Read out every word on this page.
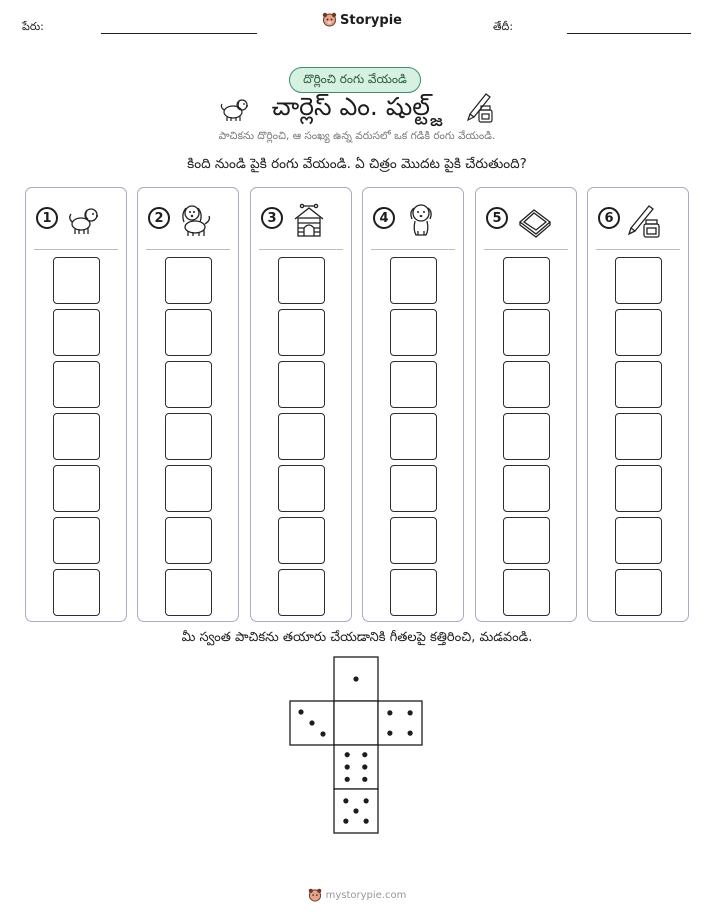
పేరు:	Storypie	తేదీ:
దొర్లించి రంగు వేయండి
చార్లెస్ ఎం. షుల్ట్జ్
పాచికను దొర్లించి, ఆ సంఖ్య ఉన్న వరుసలో ఒక గడికి రంగు వేయండి.
కింది నుండి పైకి రంగు వేయండి. ఏ చిత్రం మొదట పైకి చేరుతుంది?
1	2	3	4	5	6
మీ స్వంత పాచికను తయారు చేయడానికి గీతలపై కత్తిరించి, మడవండి.
mystorypie.com
